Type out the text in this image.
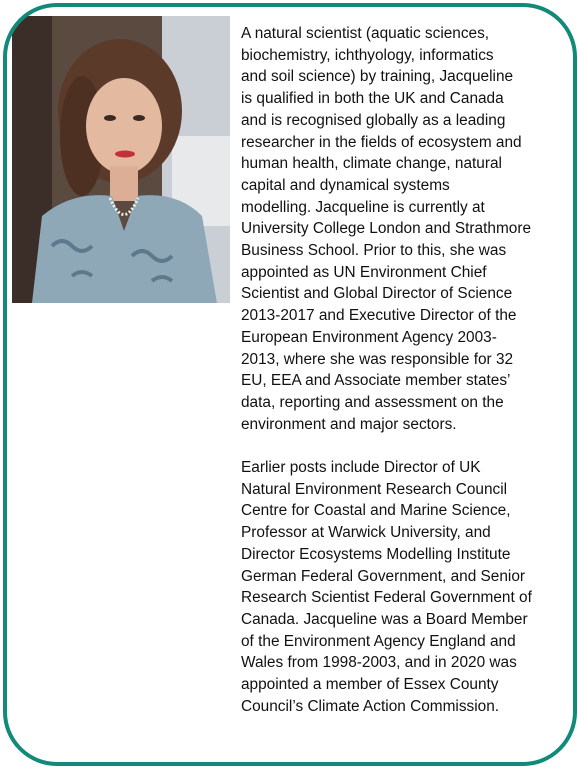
A natural scientist (aquatic sciences,
biochemistry, ichthyology, informatics
and soil science) by training, Jacqueline
is qualified in both the UK and Canada
and is recognised globally as a leading
researcher in the fields of ecosystem and
human health, climate change, natural
capital and dynamical systems
modelling. Jacqueline is currently at
University College London and Strathmore
Business School. Prior to this, she was
appointed as UN Environment Chief
Scientist and Global Director of Science
2013-2017 and Executive Director of the
European Environment Agency 2003-
2013, where she was responsible for 32
EU, EEA and Associate member states’
data, reporting and assessment on the
environment and major sectors.

Earlier posts include Director of UK
Natural Environment Research Council
Centre for Coastal and Marine Science,
Professor at Warwick University, and
Director Ecosystems Modelling Institute
German Federal Government, and Senior
Research Scientist Federal Government of
Canada. Jacqueline was a Board Member
of the Environment Agency England and
Wales from 1998-2003, and in 2020 was
appointed a member of Essex County
Council’s Climate Action Commission.
